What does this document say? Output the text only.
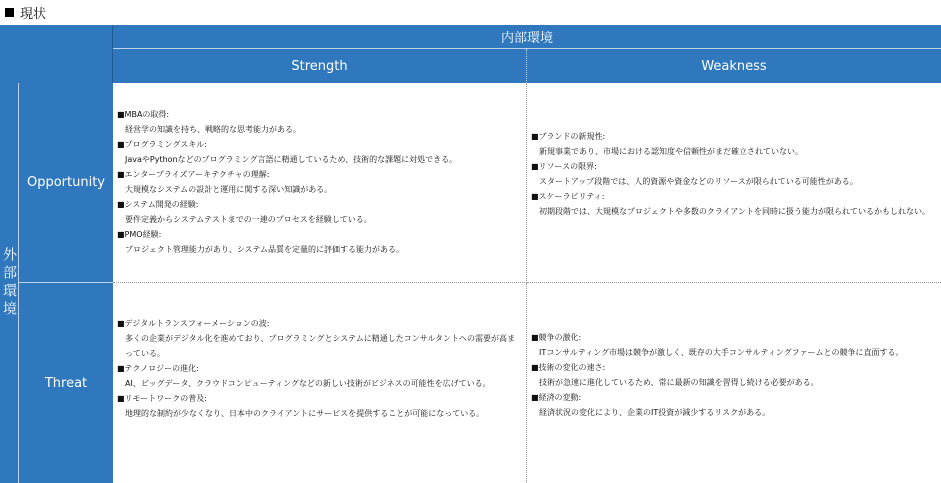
現状
内部環境
Strength	Weakness
外部環境
Opportunity
Threat
■MBAの取得:
経営学の知識を持ち、戦略的な思考能力がある。
■プログラミングスキル:
JavaやPythonなどのプログラミング言語に精通しているため、技術的な課題に対処できる。
■エンタープライズアーキテクチャの理解:
大規模なシステムの設計と運用に関する深い知識がある。
■システム開発の経験:
要件定義からシステムテストまでの一連のプロセスを経験している。
■PMO経験:
プロジェクト管理能力があり、システム品質を定量的に評価する能力がある。
■ブランドの新規性:
新規事業であり、市場における認知度や信頼性がまだ確立されていない。
■リソースの限界:
スタートアップ段階では、人的資源や資金などのリソースが限られている可能性がある。
■スケーラビリティ:
初期段階では、大規模なプロジェクトや多数のクライアントを同時に扱う能力が限られているかもしれない。
■デジタルトランスフォーメーションの波:
多くの企業がデジタル化を進めており、プログラミングとシステムに精通したコンサルタントへの需要が高まっている。
■テクノロジーの進化:
AI、ビッグデータ、クラウドコンピューティングなどの新しい技術がビジネスの可能性を広げている。
■リモートワークの普及:
地理的な制約が少なくなり、日本中のクライアントにサービスを提供することが可能になっている。
■競争の激化:
ITコンサルティング市場は競争が激しく、既存の大手コンサルティングファームとの競争に直面する。
■技術の変化の速さ:
技術が急速に進化しているため、常に最新の知識を習得し続ける必要がある。
■経済の変動:
経済状況の変化により、企業のIT投資が減少するリスクがある。
